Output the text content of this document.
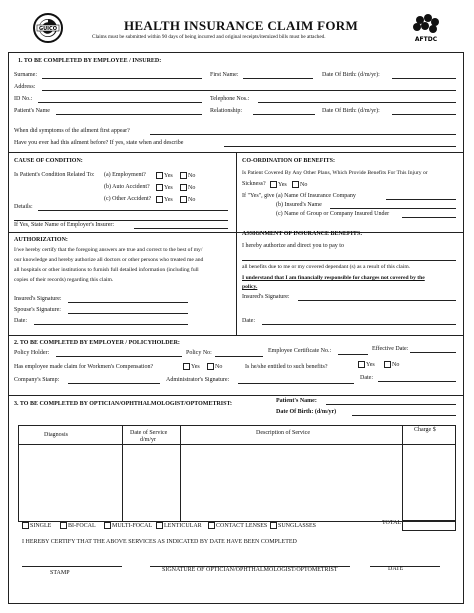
GUICO	HEALTH INSURANCE CLAIM FORM
Claims must be submitted within 90 days of being incurred and original receipts/itemized bills must be attached.	AFTDC
1. TO BE COMPLETED BY EMPLOYEE / INSURED:
Surname:	First Name:	Date Of Birth: (d/m/yr):
Address:
ID No.:	Telephone Nos.:
Patient's Name	Relationship:	Date Of Birth: (d/m/yr):
When did symptoms of the ailment first appear?
Have you ever had this ailment before? If yes, state when and describe
CAUSE OF CONDITION:
Is Patient's Condition Related To: (a) Employment?
(b) Auto Accident?
(c) Other Accident?
Yes	No
Yes	No
Yes	No
Details:
If Yes, State Name of Employer's Insurer:
CO-ORDINATION OF BENEFITS:
Is Patient Covered By Any Other Plans, Which Provide Benefits For This Injury or
Sickness?	Yes	No
If "Yes", give (a) Name Of Insurance Company
(b) Insured's Name
(c) Name of Group or Company Insured Under
AUTHORIZATION:
I/we hereby certify that the foregoing answers are true and correct to the best of my/
our knowledge and hereby authorize all doctors or other persons who treated me and
all hospitals or other institutions to furnish full detailed information (including full
copies of their records) regarding this claim.
Insured's Signature:
Spouse's Signature:
Date:
ASSIGNMENT OF INSURANCE BENEFITS:
I hereby authorize and direct you to pay to
all benefits due to me or my covered dependant (s) as a result of this claim.
I understand that I am financially responsible for charges not covered by the
policy.
Insured's Signature:
Date:
2. TO BE COMPLETED BY EMPLOYER / POLICYHOLDER:
Policy Holder:	Policy No:	Employee Certificate No.:	Effective Date:
Has employee made claim for Workmen's Compensation?	Yes	No	Is he/she entitled to such benefits?	Yes	No
Company's Stamp:	Administrator's Signature:	Date:
3. TO BE COMPLETED BY OPTICIAN/OPHTHALMOLOGIST/OPTOMETRIST:	Patient's Name:
Date Of Birth: (d/m/yr)
Diagnosis	Date of Service
d/m/yr
Description of Service	Charge $
TOTAL
SINGLE	BI-FOCAL	MULTI-FOCAL	LENTICULAR	CONTACT LENSES	SUNGLASSES
I HEREBY CERTIFY THAT THE ABOVE SERVICES AS INDICATED BY DATE HAVE BEEN COMPLETED
STAMP	SIGNATURE OF OPTICIAN/OPHTHALMOLOGIST/OPTOMETRIST	DATE
